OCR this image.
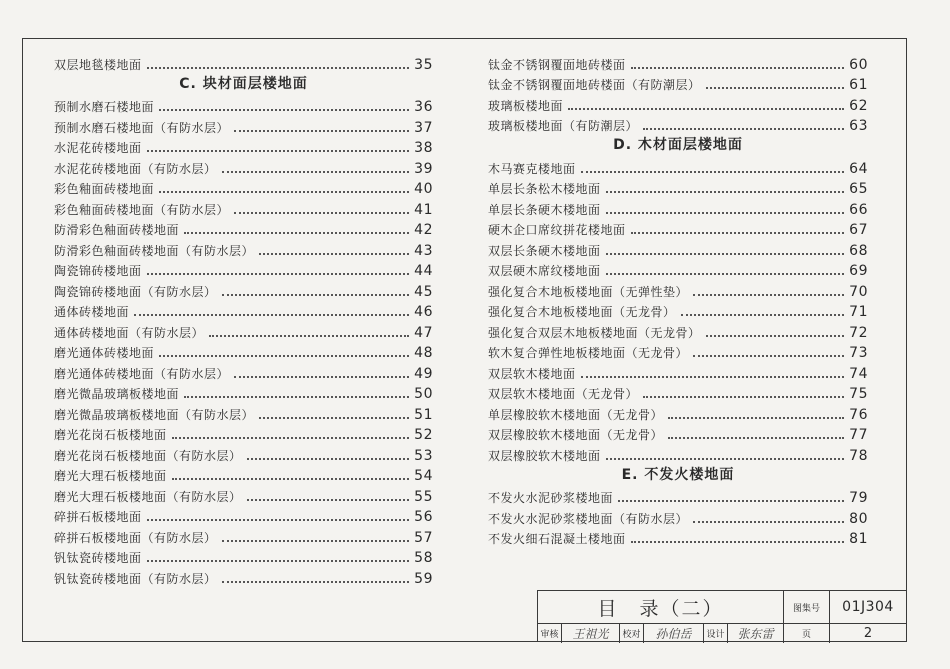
双层地毯楼地面	35
C. 块材面层楼地面
预制水磨石楼地面	36
预制水磨石楼地面（有防水层）	37
水泥花砖楼地面	38
水泥花砖楼地面（有防水层）	39
彩色釉面砖楼地面	40
彩色釉面砖楼地面（有防水层）	41
防滑彩色釉面砖楼地面	42
防滑彩色釉面砖楼地面（有防水层）	43
陶瓷锦砖楼地面	44
陶瓷锦砖楼地面（有防水层）	45
通体砖楼地面	46
通体砖楼地面（有防水层）	47
磨光通体砖楼地面	48
磨光通体砖楼地面（有防水层）	49
磨光微晶玻璃板楼地面	50
磨光微晶玻璃板楼地面（有防水层）	51
磨光花岗石板楼地面	52
磨光花岗石板楼地面（有防水层）	53
磨光大理石板楼地面	54
磨光大理石板楼地面（有防水层）	55
碎拼石板楼地面	56
碎拼石板楼地面（有防水层）	57
钒钛瓷砖楼地面	58
钒钛瓷砖楼地面（有防水层）	59
钛金不锈钢覆面地砖楼面	60
钛金不锈钢覆面地砖楼面（有防潮层）	61
玻璃板楼地面	62
玻璃板楼地面（有防潮层）	63
D. 木材面层楼地面
木马赛克楼地面	64
单层长条松木楼地面	65
单层长条硬木楼地面	66
硬木企口席纹拼花楼地面	67
双层长条硬木楼地面	68
双层硬木席纹楼地面	69
强化复合木地板楼地面（无弹性垫）	70
强化复合木地板楼地面（无龙骨）	71
强化复合双层木地板楼地面（无龙骨）	72
软木复合弹性地板楼地面（无龙骨）	73
双层软木楼地面	74
双层软木楼地面（无龙骨）	75
单层橡胶软木楼地面（无龙骨）	76
双层橡胶软木楼地面（无龙骨）	77
双层橡胶软木楼地面	78
E. 不发火楼地面
不发火水泥砂浆楼地面	79
不发火水泥砂浆楼地面（有防水层）	80
不发火细石混凝土楼地面	81
目　录（二）	图集号	01J304
审核	王祖光	校对	孙伯岳	设计	张东雷	页	2
